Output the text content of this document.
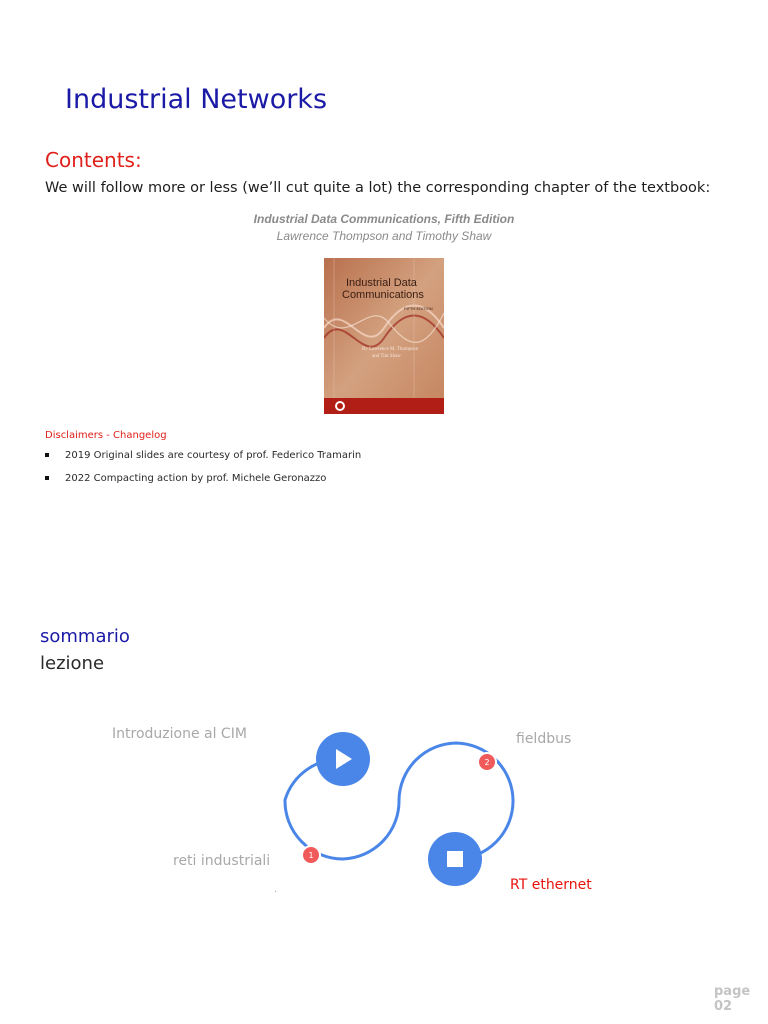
Industrial Networks
Contents:
We will follow more or less (we’ll cut quite a lot) the corresponding chapter of the textbook:
Industrial Data Communications, Fifth Edition
Lawrence Thompson and Timothy Shaw
Industrial Data
Communications
FIFTH EDITION
By Lawrence M. Thompson
and Tim Shaw
Disclaimers - Changelog
2019 Original slides are courtesy of prof. Federico Tramarin
2022 Compacting action by prof. Michele Geronazzo
sommario
lezione
1
2
Introduzione al CIM	fieldbus
reti industriali
.	RT ethernet
page
02
